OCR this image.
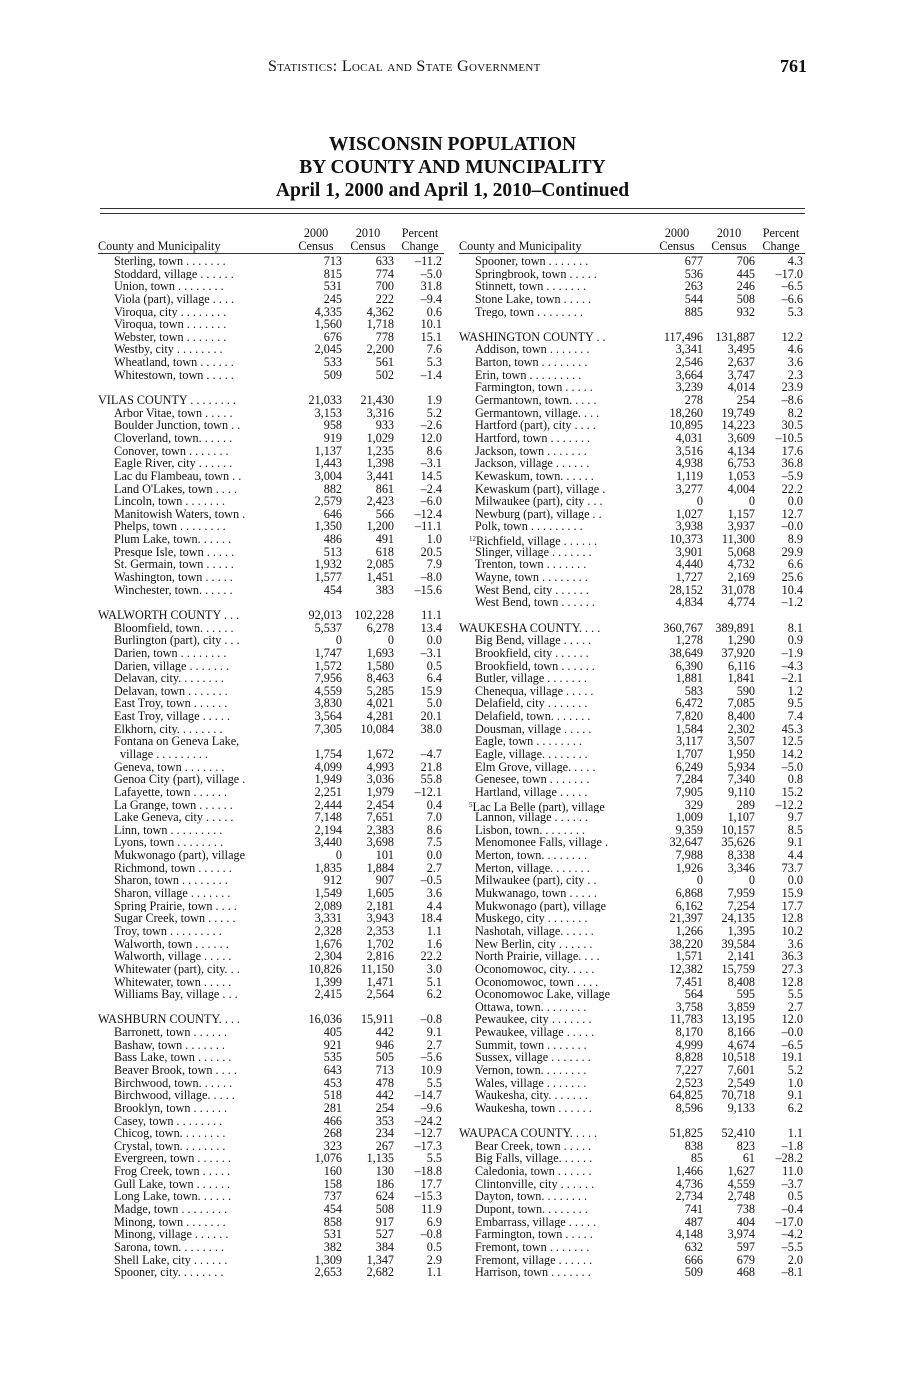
Statistics: Local and State Government	761
WISCONSIN POPULATION
BY COUNTY AND MUNCIPALITY
April 1, 2000 and April 1, 2010–Continued
County and Municipality
2000
Census
2010
Census
Percent
Change
Sterling, town . . . . . . .	713	633 –11.2
Stoddard, village . . . . . .	815	774 –5.0
Union, town . . . . . . . .	531	700 31.8
Viola (part), village . . . .	245	222 –9.4
Viroqua, city . . . . . . . .	4,335 4,362	0.6
Viroqua, town . . . . . . .	1,560 1,718 10.1
Webster, town . . . . . . .	676	778 15.1
Westby, city . . . . . . . .	2,045 2,200	7.6
Wheatland, town . . . . . .	533	561	5.3
Whitestown, town . . . . .	509	502 –1.4
VILAS COUNTY . . . . . . . .	21,033 21,430	1.9
Arbor Vitae, town . . . . .	3,153 3,316	5.2
Boulder Junction, town . .	958	933 –2.6
Cloverland, town. . . . . .	919 1,029 12.0
Conover, town . . . . . . .	1,137 1,235	8.6
Eagle River, city . . . . . .	1,443 1,398 –3.1
Lac du Flambeau, town . .	3,004 3,441 14.5
Land O'Lakes, town . . . .	882	861 –2.4
Lincoln, town . . . . . . .	2,579 2,423 –6.0
Manitowish Waters, town .	646	566 –12.4
Phelps, town . . . . . . . .	1,350 1,200 –11.1
Plum Lake, town. . . . . .	486	491	1.0
Presque Isle, town . . . . .	513	618 20.5
St. Germain, town . . . . .	1,932 2,085	7.9
Washington, town . . . . .	1,577 1,451 –8.0
Winchester, town. . . . . .	454	383 –15.6
WALWORTH COUNTY . . .	92,013 102,228 11.1
Bloomfield, town. . . . . .	5,537 6,278 13.4
Burlington (part), city . . .	0	0	0.0
Darien, town . . . . . . . .	1,747 1,693 –3.1
Darien, village . . . . . . .	1,572 1,580	0.5
Delavan, city. . . . . . . .	7,956 8,463	6.4
Delavan, town . . . . . . .	4,559 5,285 15.9
East Troy, town . . . . . .	3,830 4,021	5.0
East Troy, village . . . . .	3,564 4,281 20.1
Elkhorn, city. . . . . . . .	7,305 10,084 38.0
Fontana on Geneva Lake,
village . . . . . . . . .	1,754 1,672 –4.7
Geneva, town . . . . . . .	4,099 4,993 21.8
Genoa City (part), village .	1,949 3,036 55.8
Lafayette, town . . . . . .	2,251 1,979 –12.1
La Grange, town . . . . . .	2,444 2,454	0.4
Lake Geneva, city . . . . .	7,148 7,651	7.0
Linn, town . . . . . . . . .	2,194 2,383	8.6
Lyons, town . . . . . . . .	3,440 3,698	7.5
Mukwonago (part), village	0	101	0.0
Richmond, town . . . . . .	1,835 1,884	2.7
Sharon, town . . . . . . . .	912	907 –0.5
Sharon, village . . . . . . .	1,549 1,605	3.6
Spring Prairie, town . . . .	2,089 2,181	4.4
Sugar Creek, town . . . . .	3,331 3,943 18.4
Troy, town . . . . . . . . .	2,328 2,353	1.1
Walworth, town . . . . . .	1,676 1,702	1.6
Walworth, village . . . . .	2,304 2,816 22.2
Whitewater (part), city. . .	10,826 11,150	3.0
Whitewater, town . . . . .	1,399 1,471	5.1
Williams Bay, village . . .	2,415 2,564	6.2
WASHBURN COUNTY. . . .	16,036 15,911 –0.8
Barronett, town . . . . . .	405	442	9.1
Bashaw, town . . . . . . .	921	946	2.7
Bass Lake, town . . . . . .	535	505 –5.6
Beaver Brook, town . . . .	643	713 10.9
Birchwood, town. . . . . .	453	478	5.5
Birchwood, village. . . . .	518	442 –14.7
Brooklyn, town . . . . . .	281	254 –9.6
Casey, town . . . . . . . .	466	353 –24.2
Chicog, town. . . . . . . .	268	234 –12.7
Crystal, town. . . . . . . .	323	267 –17.3
Evergreen, town . . . . . .	1,076 1,135	5.5
Frog Creek, town . . . . .	160	130 –18.8
Gull Lake, town . . . . . .	158	186 17.7
Long Lake, town. . . . . .	737	624 –15.3
Madge, town . . . . . . . .	454	508 11.9
Minong, town . . . . . . .	858	917	6.9
Minong, village . . . . . .	531	527 –0.8
Sarona, town. . . . . . . .	382	384	0.5
Shell Lake, city . . . . . .	1,309 1,347	2.9
Spooner, city. . . . . . . .	2,653 2,682	1.1
County and Municipality
2000
Census
2010
Census
Percent
Change
Spooner, town . . . . . . .	677	706	4.3
Springbrook, town . . . . .	536	445 –17.0
Stinnett, town . . . . . . .	263	246 –6.5
Stone Lake, town . . . . .	544	508 –6.6
Trego, town . . . . . . . .	885	932	5.3
WASHINGTON COUNTY . .	117,496 131,887 12.2
Addison, town . . . . . . .	3,341 3,495	4.6
Barton, town . . . . . . . .	2,546 2,637	3.6
Erin, town . . . . . . . . .	3,664 3,747	2.3
Farmington, town . . . . .	3,239 4,014 23.9
Germantown, town. . . . .	278	254 –8.6
Germantown, village. . . .	18,260 19,749	8.2
Hartford (part), city . . . .	10,895 14,223 30.5
Hartford, town . . . . . . .	4,031 3,609 –10.5
Jackson, town . . . . . . .	3,516 4,134 17.6
Jackson, village . . . . . .	4,938 6,753 36.8
Kewaskum, town. . . . . .	1,119 1,053 –5.9
Kewaskum (part), village .	3,277 4,004 22.2
Milwaukee (part), city . . .	0	0	0.0
Newburg (part), village . .	1,027 1,157 12.7
Polk, town . . . . . . . . .	3,938 3,937 –0.0
$^{12}$Richfield, village . . . . . .	10,373 11,300	8.9
Slinger, village . . . . . . .	3,901 5,068 29.9
Trenton, town . . . . . . .	4,440 4,732	6.6
Wayne, town . . . . . . . .	1,727 2,169 25.6
West Bend, city . . . . . .	28,152 31,078 10.4
West Bend, town . . . . . .	4,834 4,774 –1.2
WAUKESHA COUNTY. . . .	360,767 389,891	8.1
Big Bend, village . . . . .	1,278 1,290	0.9
Brookfield, city . . . . . .	38,649 37,920 –1.9
Brookfield, town . . . . . .	6,390 6,116 –4.3
Butler, village . . . . . . .	1,881 1,841 –2.1
Chenequa, village . . . . .	583	590	1.2
Delafield, city . . . . . . .	6,472 7,085	9.5
Delafield, town. . . . . . .	7,820 8,400	7.4
Dousman, village . . . . .	1,584 2,302 45.3
Eagle, town . . . . . . . .	3,117 3,507 12.5
Eagle, village. . . . . . . .	1,707 1,950 14.2
Elm Grove, village. . . . .	6,249 5,934 –5.0
Genesee, town . . . . . . .	7,284 7,340	0.8
Hartland, village . . . . .	7,905 9,110 15.2
$^5$Lac La Belle (part), village	329	289 –12.2
Lannon, village . . . . . .	1,009 1,107	9.7
Lisbon, town. . . . . . . .	9,359 10,157	8.5
Menomonee Falls, village .	32,647 35,626	9.1
Merton, town. . . . . . . .	7,988 8,338	4.4
Merton, village. . . . . . .	1,926 3,346 73.7
Milwaukee (part), city . .	0	0	0.0
Mukwanago, town . . . . .	6,868 7,959 15.9
Mukwonago (part), village	6,162 7,254 17.7
Muskego, city . . . . . . .	21,397 24,135 12.8
Nashotah, village. . . . . .	1,266 1,395 10.2
New Berlin, city . . . . . .	38,220 39,584	3.6
North Prairie, village. . . .	1,571 2,141 36.3
Oconomowoc, city. . . . .	12,382 15,759 27.3
Oconomowoc, town . . . .	7,451 8,408 12.8
Oconomowoc Lake, village	564	595	5.5
Ottawa, town. . . . . . . .	3,758 3,859	2.7
Pewaukee, city . . . . . . .	11,783 13,195 12.0
Pewaukee, village . . . . .	8,170 8,166 –0.0
Summit, town . . . . . . .	4,999 4,674 –6.5
Sussex, village . . . . . . .	8,828 10,518 19.1
Vernon, town. . . . . . . .	7,227 7,601	5.2
Wales, village . . . . . . .	2,523 2,549	1.0
Waukesha, city. . . . . . .	64,825 70,718	9.1
Waukesha, town . . . . . .	8,596 9,133	6.2
WAUPACA COUNTY. . . . .	51,825 52,410	1.1
Bear Creek, town . . . . .	838	823 –1.8
Big Falls, village. . . . . .	85	61 –28.2
Caledonia, town . . . . . .	1,466 1,627 11.0
Clintonville, city . . . . . .	4,736 4,559 –3.7
Dayton, town. . . . . . . .	2,734 2,748	0.5
Dupont, town. . . . . . . .	741	738 –0.4
Embarrass, village . . . . .	487	404 –17.0
Farmington, town . . . . .	4,148 3,974 –4.2
Fremont, town . . . . . . .	632	597 –5.5
Fremont, village . . . . . .	666	679	2.0
Harrison, town . . . . . . .	509	468 –8.1
